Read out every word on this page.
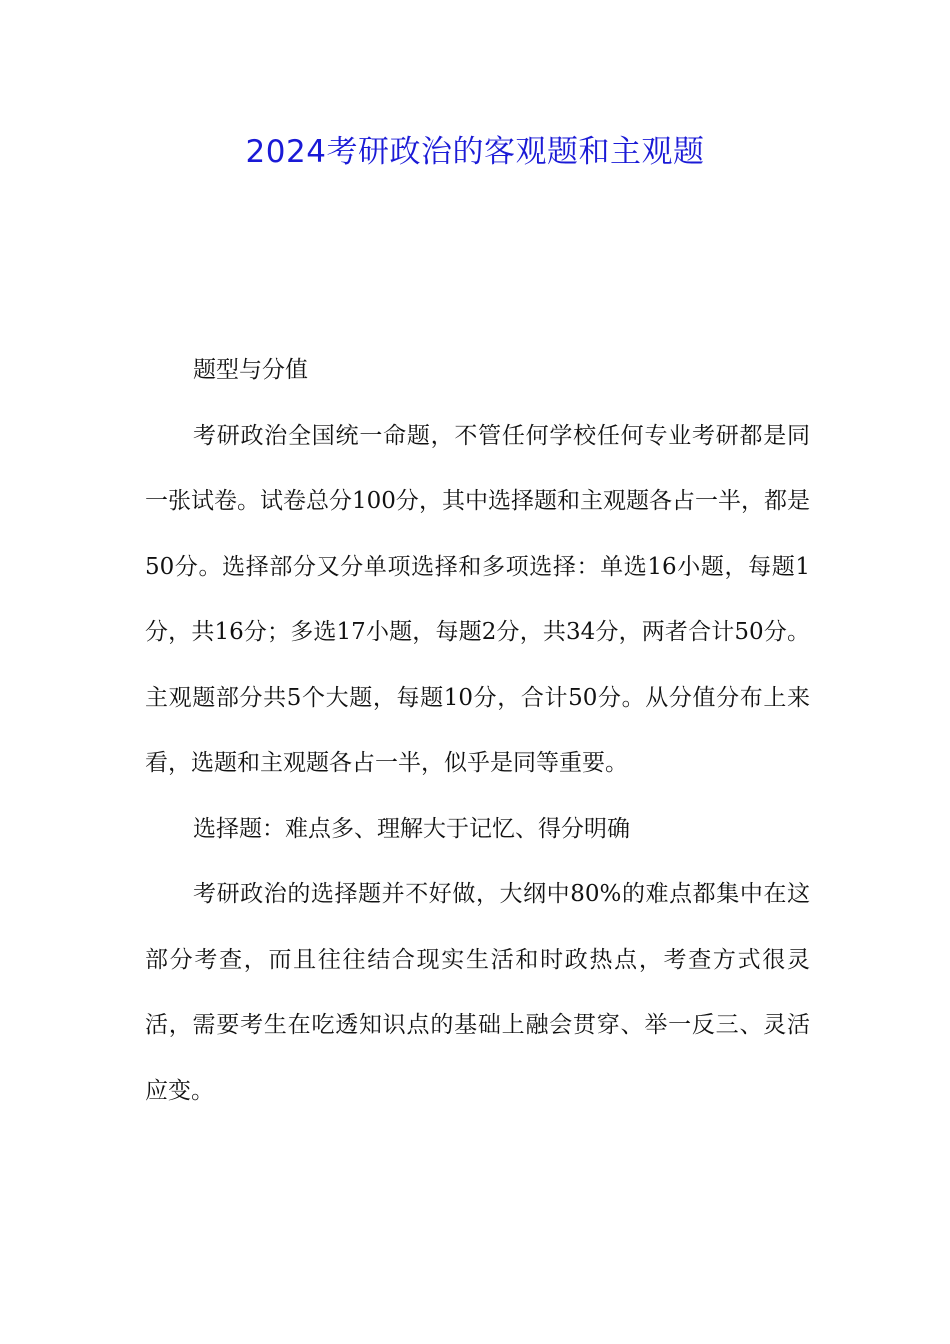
2024考研政治的客观题和主观题

题型与分值

考研政治全国统一命题，不管任何学校任何专业考研都是同一张试卷。试卷总分100分，其中选择题和主观题各占一半，都是50分。选择部分又分单项选择和多项选择：单选16小题，每题1分，共16分；多选17小题，每题2分，共34分，两者合计50分。主观题部分共5个大题，每题10分，合计50分。从分值分布上来看，选题和主观题各占一半，似乎是同等重要。

选择题：难点多、理解大于记忆、得分明确

考研政治的选择题并不好做，大纲中80%的难点都集中在这部分考查，而且往往结合现实生活和时政热点，考查方式很灵活，需要考生在吃透知识点的基础上融会贯穿、举一反三、灵活应变。
